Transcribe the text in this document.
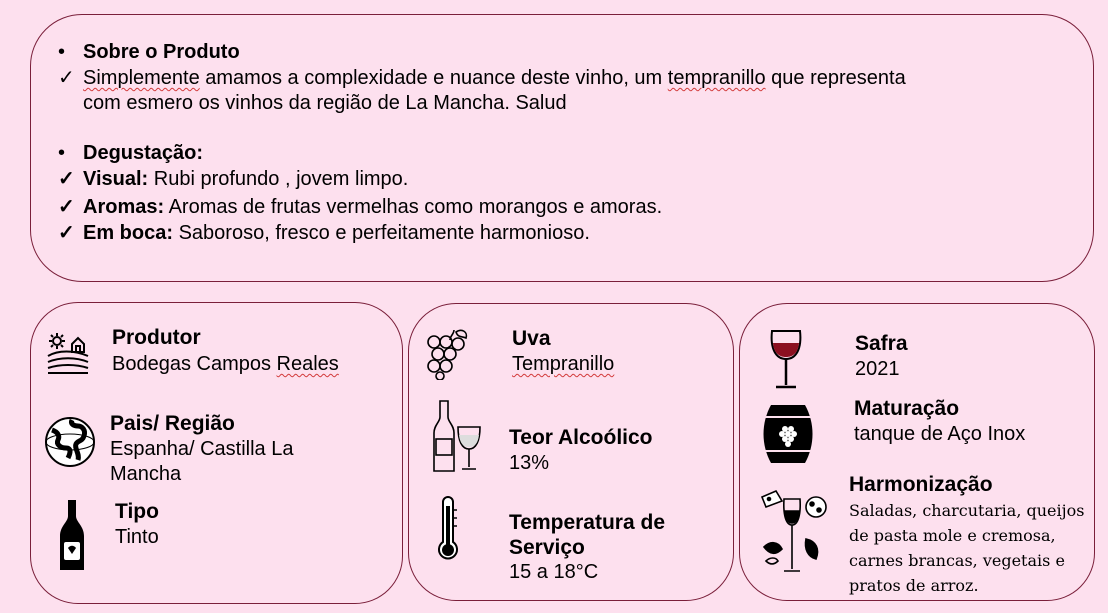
• Sobre o Produto
✓ Simplemente amamos a complexidade e nuance deste vinho, um tempranillo que representa
com esmero os vinhos da região de La Mancha. Salud
• Degustação:
✓ Visual: Rubi profundo , jovem limpo.
✓ Aromas: Aromas de frutas vermelhas como morangos e amoras.
✓ Em boca: Saboroso, fresco e perfeitamente harmonioso.
Produtor
Bodegas Campos Reales
Pais/ Região
Espanha/ Castilla La
Mancha
Tipo
Tinto
Uva
Tempranillo
Teor Alcoólico
13%
Temperatura de
Serviço
15 a 18°C
Safra
2021
Maturação
tanque de Aço Inox
Harmonização
Saladas, charcutaria, queijos
de pasta mole e cremosa,
carnes brancas, vegetais e
pratos de arroz.
